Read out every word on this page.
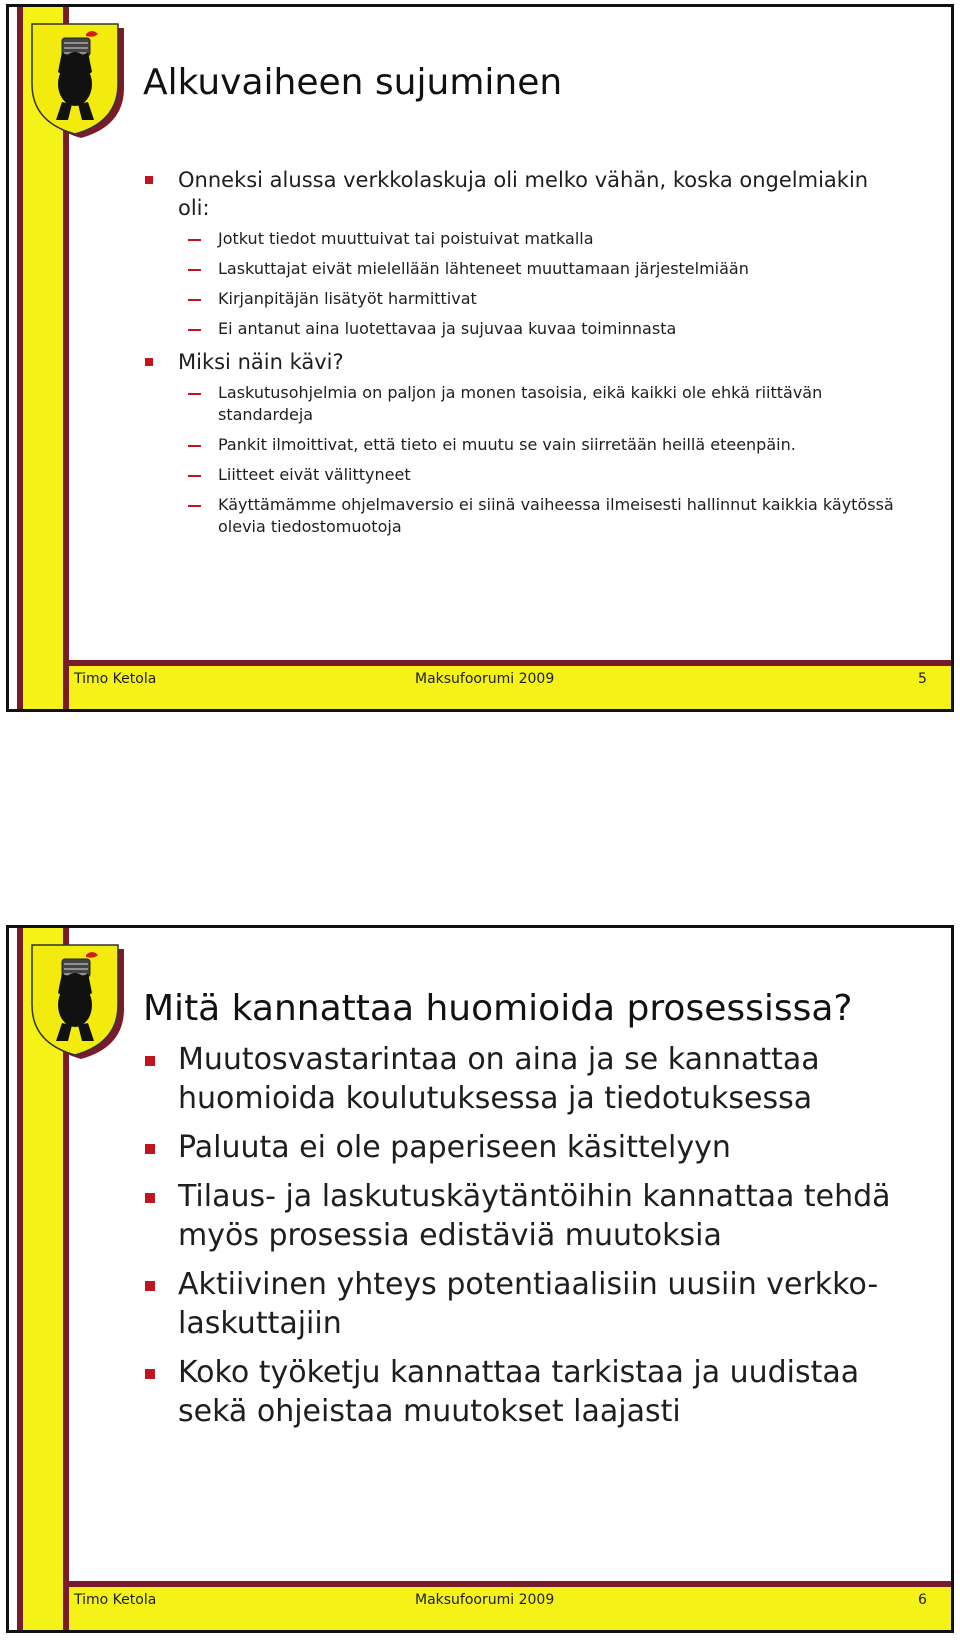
Alkuvaiheen sujuminen
Onneksi alussa verkkolaskuja oli melko vähän, koska ongelmiakin oli:
Jotkut tiedot muuttuivat tai poistuivat matkalla
Laskuttajat eivät mielellään lähteneet muuttamaan järjestelmiään
Kirjanpitäjän lisätyöt harmittivat
Ei antanut aina luotettavaa ja sujuvaa kuvaa toiminnasta
Miksi näin kävi?
Laskutusohjelmia on paljon ja monen tasoisia, eikä kaikki ole ehkä riittävän standardeja
Pankit ilmoittivat, että tieto ei muutu se vain siirretään heillä eteenpäin.
Liitteet eivät välittyneet
Käyttämämme ohjelmaversio ei siinä vaiheessa ilmeisesti hallinnut kaikkia käytössä olevia tiedostomuotoja
Timo Ketola	Maksufoorumi 2009	5
Mitä kannattaa huomioida prosessissa?
Muutosvastarintaa on aina ja se kannattaa huomioida koulutuksessa ja tiedotuksessa
Paluuta ei ole paperiseen käsittelyyn
Tilaus- ja laskutuskäytäntöihin kannattaa tehdä myös prosessia edistäviä muutoksia
Aktiivinen yhteys potentiaalisiin uusiin verkko-laskuttajiin
Koko työketju kannattaa tarkistaa ja uudistaa sekä ohjeistaa muutokset laajasti
Timo Ketola	Maksufoorumi 2009	6
